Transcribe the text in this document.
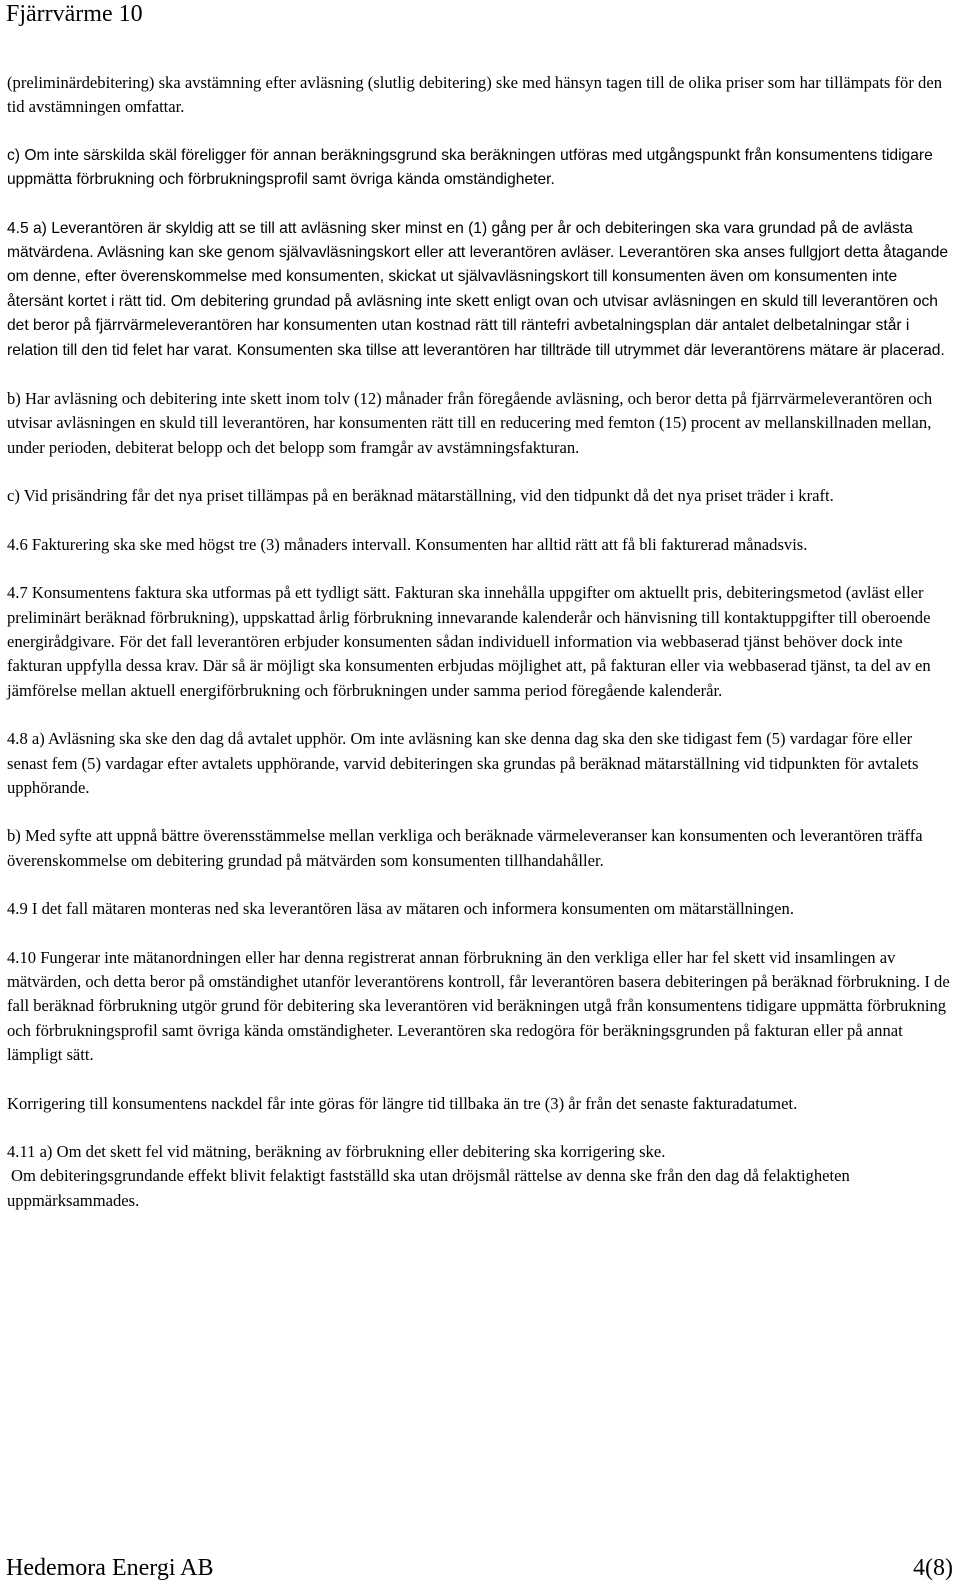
Fjärrvärme 10

(preliminärdebitering) ska avstämning efter avläsning (slutlig debitering) ske med hänsyn tagen till de olika priser som har tillämpats för den tid avstämningen omfattar.

c) Om inte särskilda skäl föreligger för annan beräkningsgrund ska beräkningen utföras med utgångspunkt från konsumentens tidigare uppmätta förbrukning och förbrukningsprofil samt övriga kända omständigheter.

4.5 a) Leverantören är skyldig att se till att avläsning sker minst en (1) gång per år och debiteringen ska vara grundad på de avlästa mätvärdena. Avläsning kan ske genom självavläsningskort eller att leverantören avläser. Leverantören ska anses fullgjort detta åtagande om denne, efter överenskommelse med konsumenten, skickat ut självavläsningskort till konsumenten även om konsumenten inte återsänt kortet i rätt tid. Om debitering grundad på avläsning inte skett enligt ovan och utvisar avläsningen en skuld till leverantören och det beror på fjärrvärmeleverantören har konsumenten utan kostnad rätt till räntefri avbetalningsplan där antalet delbetalningar står i relation till den tid felet har varat. Konsumenten ska tillse att leverantören har tillträde till utrymmet där leverantörens mätare är placerad.

b) Har avläsning och debitering inte skett inom tolv (12) månader från föregående avläsning, och beror detta på fjärrvärmeleverantören och utvisar avläsningen en skuld till leverantören, har konsumenten rätt till en reducering med femton (15) procent av mellanskillnaden mellan, under perioden, debiterat belopp och det belopp som framgår av avstämningsfakturan.

c) Vid prisändring får det nya priset tillämpas på en beräknad mätarställning, vid den tidpunkt då det nya priset träder i kraft.

4.6 Fakturering ska ske med högst tre (3) månaders intervall. Konsumenten har alltid rätt att få bli fakturerad månadsvis.

4.7 Konsumentens faktura ska utformas på ett tydligt sätt. Fakturan ska innehålla uppgifter om aktuellt pris, debiteringsmetod (avläst eller preliminärt beräknad förbrukning), uppskattad årlig förbrukning innevarande kalenderår och hänvisning till kontaktuppgifter till oberoende energirådgivare. För det fall leverantören erbjuder konsumenten sådan individuell information via webbaserad tjänst behöver dock inte fakturan uppfylla dessa krav. Där så är möjligt ska konsumenten erbjudas möjlighet att, på fakturan eller via webbaserad tjänst, ta del av en jämförelse mellan aktuell energiförbrukning och förbrukningen under samma period föregående kalenderår.

4.8 a) Avläsning ska ske den dag då avtalet upphör. Om inte avläsning kan ske denna dag ska den ske tidigast fem (5) vardagar före eller senast fem (5) vardagar efter avtalets upphörande, varvid debiteringen ska grundas på beräknad mätarställning vid tidpunkten för avtalets upphörande.

b) Med syfte att uppnå bättre överensstämmelse mellan verkliga och beräknade värmeleveranser kan konsumenten och leverantören träffa överenskommelse om debitering grundad på mätvärden som konsumenten tillhandahåller.

4.9 I det fall mätaren monteras ned ska leverantören läsa av mätaren och informera konsumenten om mätarställningen.

4.10 Fungerar inte mätanordningen eller har denna registrerat annan förbrukning än den verkliga eller har fel skett vid insamlingen av mätvärden, och detta beror på omständighet utanför leverantörens kontroll, får leverantören basera debiteringen på beräknad förbrukning. I de fall beräknad förbrukning utgör grund för debitering ska leverantören vid beräkningen utgå från konsumentens tidigare uppmätta förbrukning och förbrukningsprofil samt övriga kända omständigheter. Leverantören ska redogöra för beräkningsgrunden på fakturan eller på annat lämpligt sätt.

Korrigering till konsumentens nackdel får inte göras för längre tid tillbaka än tre (3) år från det senaste fakturadatumet.

4.11 a) Om det skett fel vid mätning, beräkning av förbrukning eller debitering ska korrigering ske.

Om debiteringsgrundande effekt blivit felaktigt fastställd ska utan dröjsmål rättelse av denna ske från den dag då felaktigheten uppmärksammades.

Hedemora Energi AB	4(8)
